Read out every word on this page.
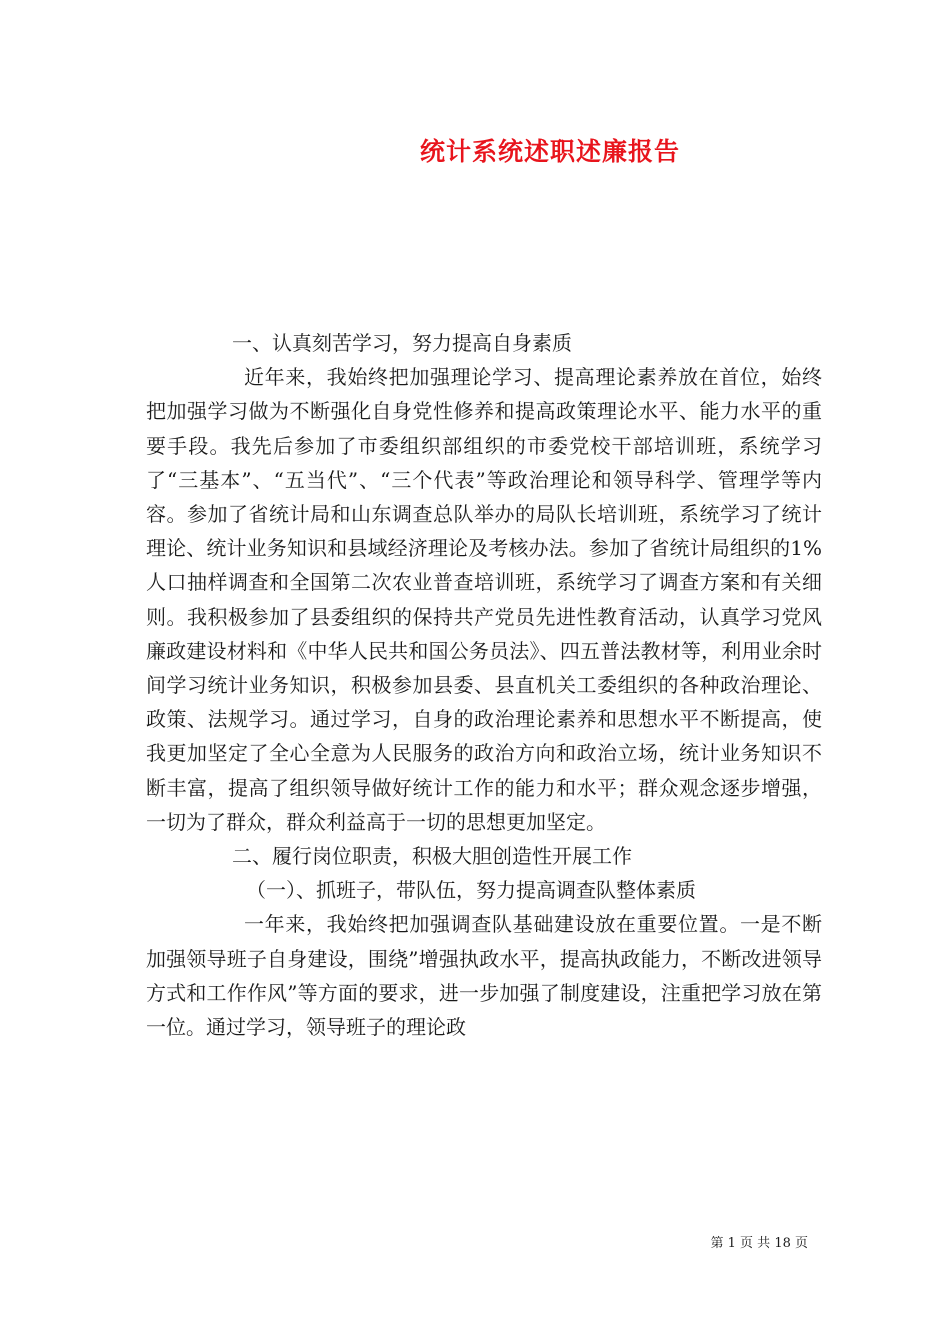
统计系统述职述廉报告

一、认真刻苦学习，努力提高自身素质

近年来，我始终把加强理论学习、提高理论素养放在首位，始终把加强学习做为不断强化自身党性修养和提高政策理论水平、能力水平的重要手段。我先后参加了市委组织部组织的市委党校干部培训班，系统学习了“三基本”、“五当代”、“三个代表”等政治理论和领导科学、管理学等内容。参加了省统计局和山东调查总队举办的局队长培训班，系统学习了统计理论、统计业务知识和县域经济理论及考核办法。参加了省统计局组织的1%人口抽样调查和全国第二次农业普查培训班，系统学习了调查方案和有关细则。我积极参加了县委组织的保持共产党员先进性教育活动，认真学习党风廉政建设材料和《中华人民共和国公务员法》、四五普法教材等，利用业余时间学习统计业务知识，积极参加县委、县直机关工委组织的各种政治理论、政策、法规学习。通过学习，自身的政治理论素养和思想水平不断提高，使我更加坚定了全心全意为人民服务的政治方向和政治立场，统计业务知识不断丰富，提高了组织领导做好统计工作的能力和水平；群众观念逐步增强，一切为了群众，群众利益高于一切的思想更加坚定。

二、履行岗位职责，积极大胆创造性开展工作

（一）、抓班子，带队伍，努力提高调查队整体素质

一年来，我始终把加强调查队基础建设放在重要位置。一是不断加强领导班子自身建设，围绕”增强执政水平，提高执政能力，不断改进领导方式和工作作风”等方面的要求，进一步加强了制度建设，注重把学习放在第一位。通过学习，领导班子的理论政

第 1 页 共 18 页
